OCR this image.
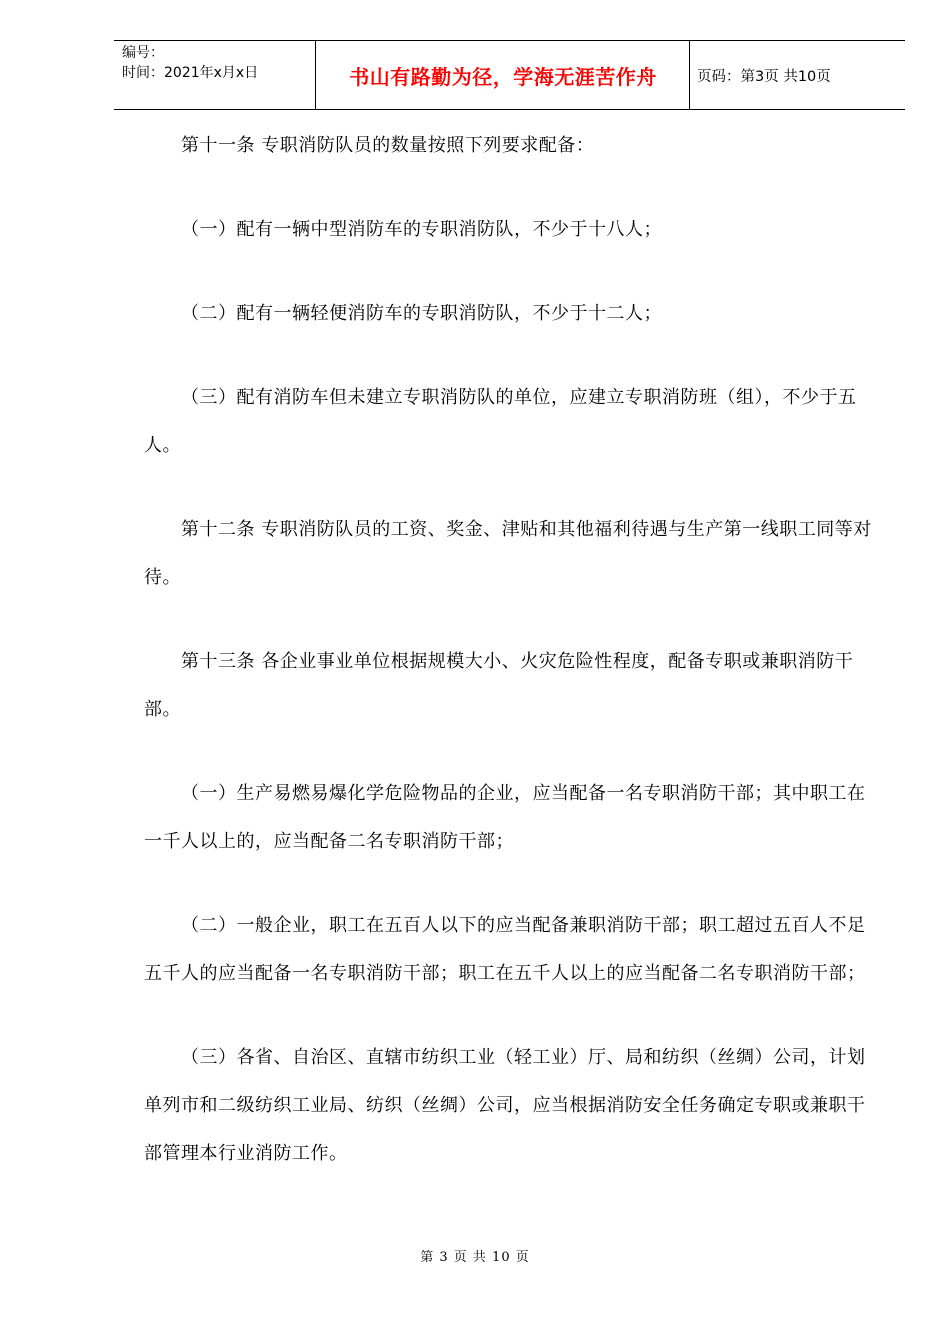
编号：
时间：2021年x月x日	书山有路勤为径，学海无涯苦作舟	页码：第3页 共10页

第十一条 专职消防队员的数量按照下列要求配备：

（一）配有一辆中型消防车的专职消防队，不少于十八人；

（二）配有一辆轻便消防车的专职消防队，不少于十二人；

（三）配有消防车但未建立专职消防队的单位，应建立专职消防班（组），不少于五人。

第十二条 专职消防队员的工资、奖金、津贴和其他福利待遇与生产第一线职工同等对待。

第十三条 各企业事业单位根据规模大小、火灾危险性程度，配备专职或兼职消防干部。

（一）生产易燃易爆化学危险物品的企业，应当配备一名专职消防干部；其中职工在一千人以上的，应当配备二名专职消防干部；

（二）一般企业，职工在五百人以下的应当配备兼职消防干部；职工超过五百人不足五千人的应当配备一名专职消防干部；职工在五千人以上的应当配备二名专职消防干部；

（三）各省、自治区、直辖市纺织工业（轻工业）厅、局和纺织（丝绸）公司，计划单列市和二级纺织工业局、纺织（丝绸）公司，应当根据消防安全任务确定专职或兼职干部管理本行业消防工作。

第 3 页 共 10 页
